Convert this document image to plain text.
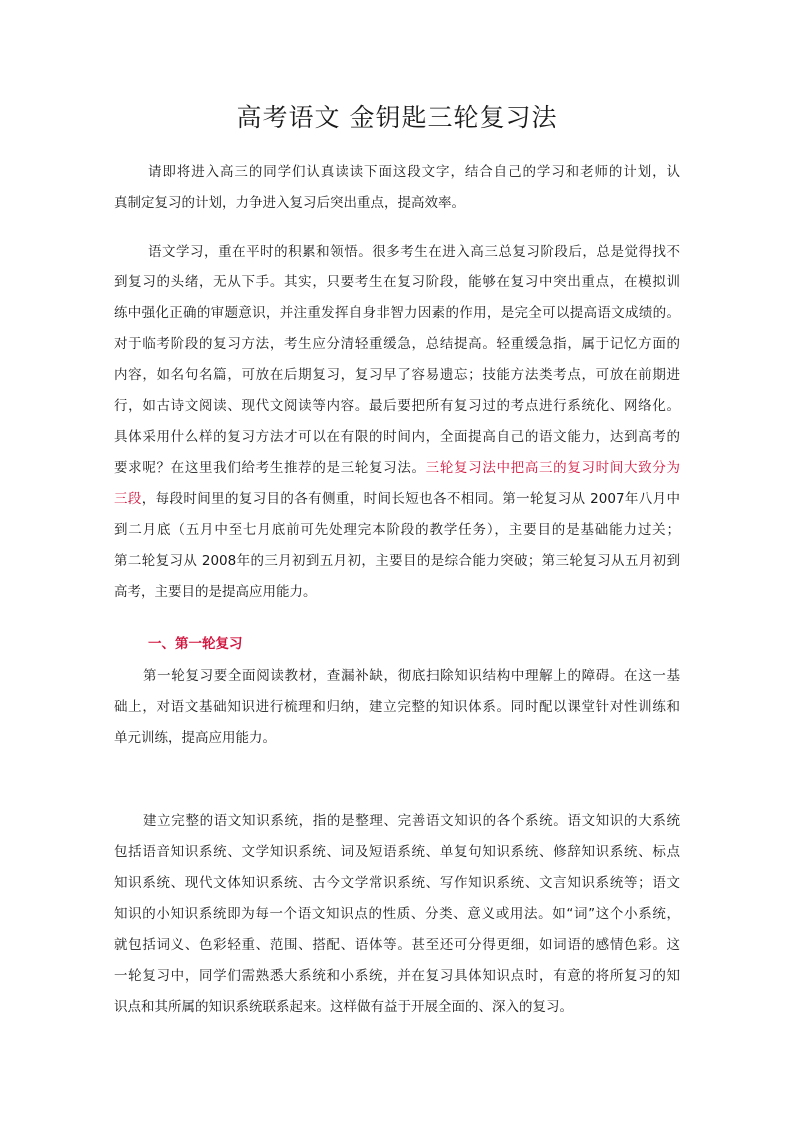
高考语文 金钥匙三轮复习法

请即将进入高三的同学们认真读读下面这段文字，结合自己的学习和老师的计划，认

真制定复习的计划，力争进入复习后突出重点，提高效率。

语文学习，重在平时的积累和领悟。很多考生在进入高三总复习阶段后，总是觉得找不

到复习的头绪，无从下手。其实，只要考生在复习阶段，能够在复习中突出重点，在模拟训

练中强化正确的审题意识，并注重发挥自身非智力因素的作用，是完全可以提高语文成绩的。

对于临考阶段的复习方法，考生应分清轻重缓急，总结提高。轻重缓急指，属于记忆方面的

内容，如名句名篇，可放在后期复习，复习早了容易遗忘；技能方法类考点，可放在前期进

行，如古诗文阅读、现代文阅读等内容。最后要把所有复习过的考点进行系统化、网络化。

具体采用什么样的复习方法才可以在有限的时间内，全面提高自己的语文能力，达到高考的

要求呢？在这里我们给考生推荐的是三轮复习法。三轮复习法中把高三的复习时间大致分为

三段，每段时间里的复习目的各有侧重，时间长短也各不相同。第一轮复习从 2007年八月中

到二月底（五月中至七月底前可先处理完本阶段的教学任务），主要目的是基础能力过关；

第二轮复习从 2008年的三月初到五月初，主要目的是综合能力突破；第三轮复习从五月初到

高考，主要目的是提高应用能力。

一、第一轮复习

第一轮复习要全面阅读教材，查漏补缺，彻底扫除知识结构中理解上的障碍。在这一基

础上，对语文基础知识进行梳理和归纳，建立完整的知识体系。同时配以课堂针对性训练和

单元训练，提高应用能力。

建立完整的语文知识系统，指的是整理、完善语文知识的各个系统。语文知识的大系统

包括语音知识系统、文学知识系统、词及短语系统、单复句知识系统、修辞知识系统、标点

知识系统、现代文体知识系统、古今文学常识系统、写作知识系统、文言知识系统等；语文

知识的小知识系统即为每一个语文知识点的性质、分类、意义或用法。如“词”这个小系统，

就包括词义、色彩轻重、范围、搭配、语体等。甚至还可分得更细，如词语的感情色彩。这

一轮复习中，同学们需熟悉大系统和小系统，并在复习具体知识点时，有意的将所复习的知

识点和其所属的知识系统联系起来。这样做有益于开展全面的、深入的复习。
